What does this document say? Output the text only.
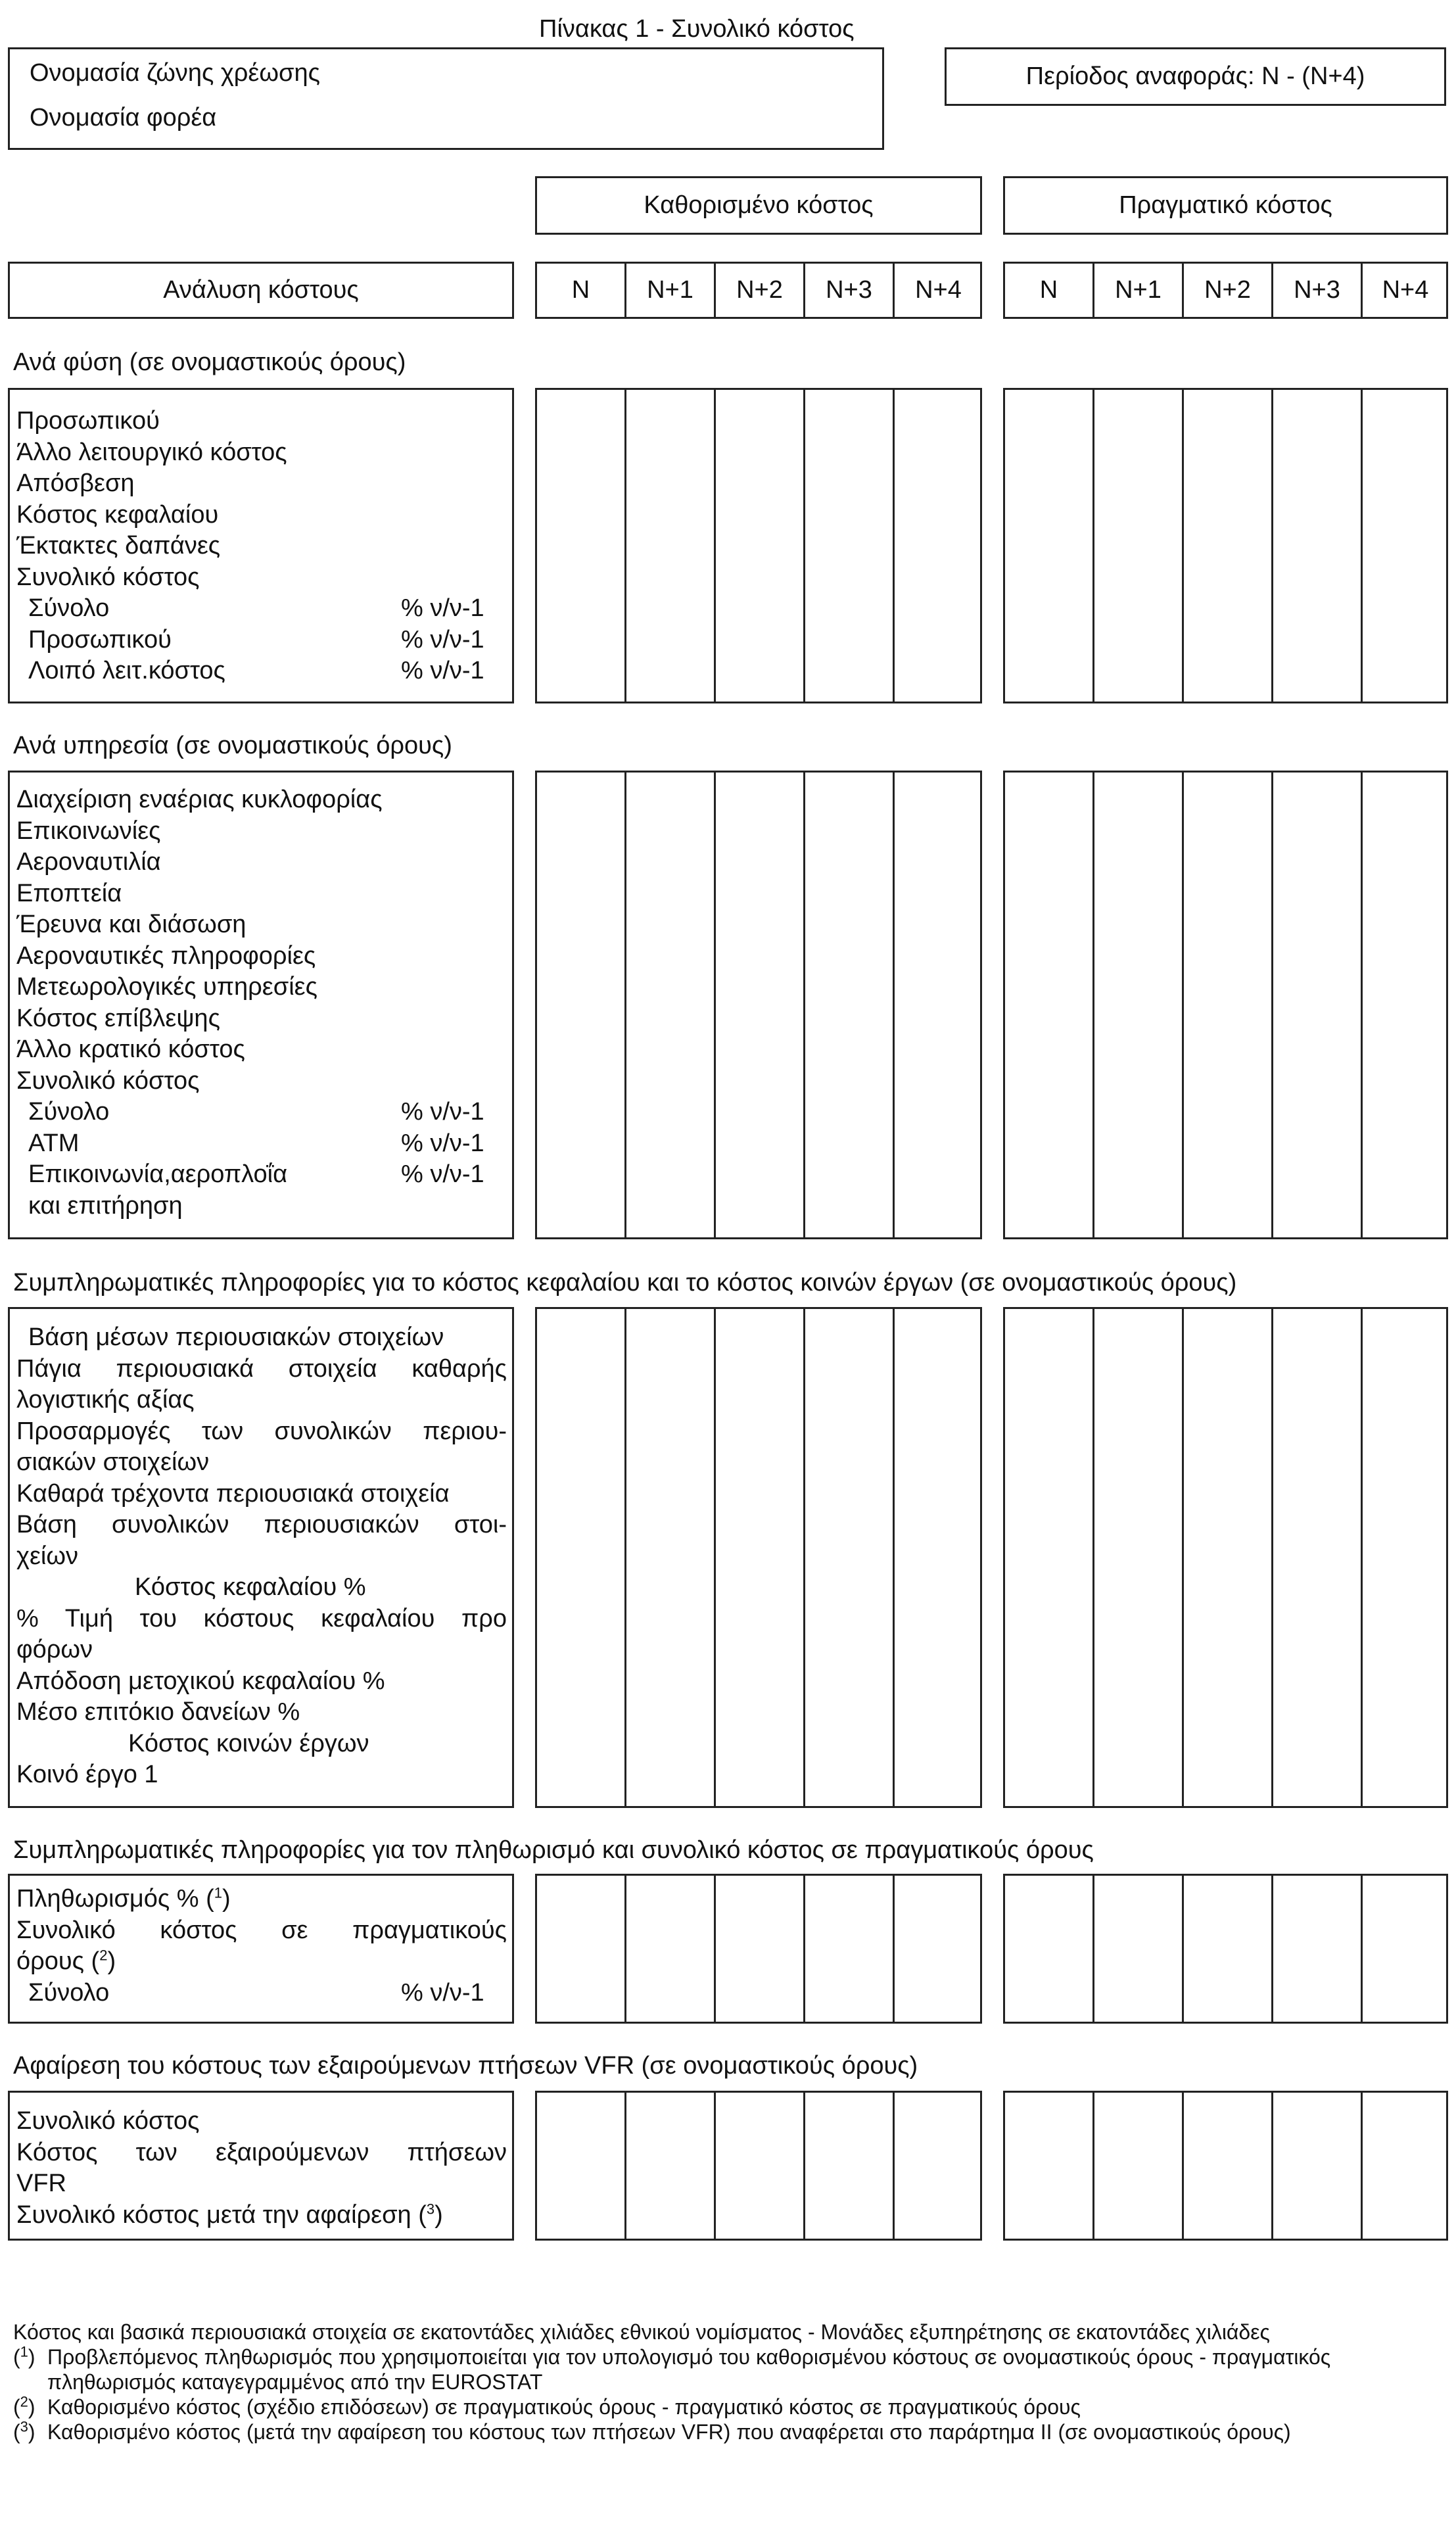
Πίνακας 1 - Συνολικό κόστος
Ονομασία ζώνης χρέωσης
Ονομασία φορέα
Περίοδος αναφοράς: N - (N+4)
Καθορισμένο κόστος	Πραγματικό κόστος
Ανάλυση κόστους	N	N+1	N+2	N+3	N+4	N	N+1	N+2	N+3	N+4
Ανά φύση (σε ονομαστικούς όρους)
Προσωπικού
Άλλο λειτουργικό κόστος
Απόσβεση
Κόστος κεφαλαίου
Έκτακτες δαπάνες
Συνολικό κόστος
Σύνολο	% ν/ν-1
Προσωπικού	% ν/ν-1
Λοιπό λειτ.κόστος	% ν/ν-1
Ανά υπηρεσία (σε ονομαστικούς όρους)
Διαχείριση εναέριας κυκλοφορίας
Επικοινωνίες
Αεροναυτιλία
Εποπτεία
Έρευνα και διάσωση
Αεροναυτικές πληροφορίες
Μετεωρολογικές υπηρεσίες
Κόστος επίβλεψης
Άλλο κρατικό κόστος
Συνολικό κόστος
Σύνολο	% ν/ν-1
ATM	% ν/ν-1
Επικοινωνία,αεροπλοΐα	% ν/ν-1
και επιτήρηση
Συμπληρωματικές πληροφορίες για το κόστος κεφαλαίου και το κόστος κοινών έργων (σε ονομαστικούς όρους)
Βάση μέσων περιουσιακών στοιχείων
Πάγια περιουσιακά στοιχεία καθαρής
λογιστικής αξίας
Προσαρμογές των συνολικών περιου-
σιακών στοιχείων
Καθαρά τρέχοντα περιουσιακά στοιχεία
Βάση συνολικών περιουσιακών στοι-
χείων
Κόστος κεφαλαίου %
% Τιμή του κόστους κεφαλαίου προ
φόρων
Απόδοση μετοχικού κεφαλαίου %
Μέσο επιτόκιο δανείων %
Κόστος κοινών έργων
Κοινό έργο 1
Συμπληρωματικές πληροφορίες για τον πληθωρισμό και συνολικό κόστος σε πραγματικούς όρους
Πληθωρισμός % ($^1$)
Συνολικό κόστος σε πραγματικούς
όρους ($^2$)
Σύνολο	% ν/ν-1
Αφαίρεση του κόστους των εξαιρούμενων πτήσεων VFR (σε ονομαστικούς όρους)
Συνολικό κόστος
Κόστος των εξαιρούμενων πτήσεων
VFR
Συνολικό κόστος μετά την αφαίρεση ($^3$)
Κόστος και βασικά περιουσιακά στοιχεία σε εκατοντάδες χιλιάδες εθνικού νομίσματος - Μονάδες εξυπηρέτησης σε εκατοντάδες χιλιάδες
($^1$) Προβλεπόμενος πληθωρισμός που χρησιμοποιείται για τον υπολογισμό του καθορισμένου κόστους σε ονομαστικούς όρους - πραγματικός πληθωρισμός καταγεγραμμένος από την EUROSTAT
($^2$) Καθορισμένο κόστος (σχέδιο επιδόσεων) σε πραγματικούς όρους - πραγματικό κόστος σε πραγματικούς όρους
($^3$) Καθορισμένο κόστος (μετά την αφαίρεση του κόστους των πτήσεων VFR) που αναφέρεται στο παράρτημα II (σε ονομαστικούς όρους)
